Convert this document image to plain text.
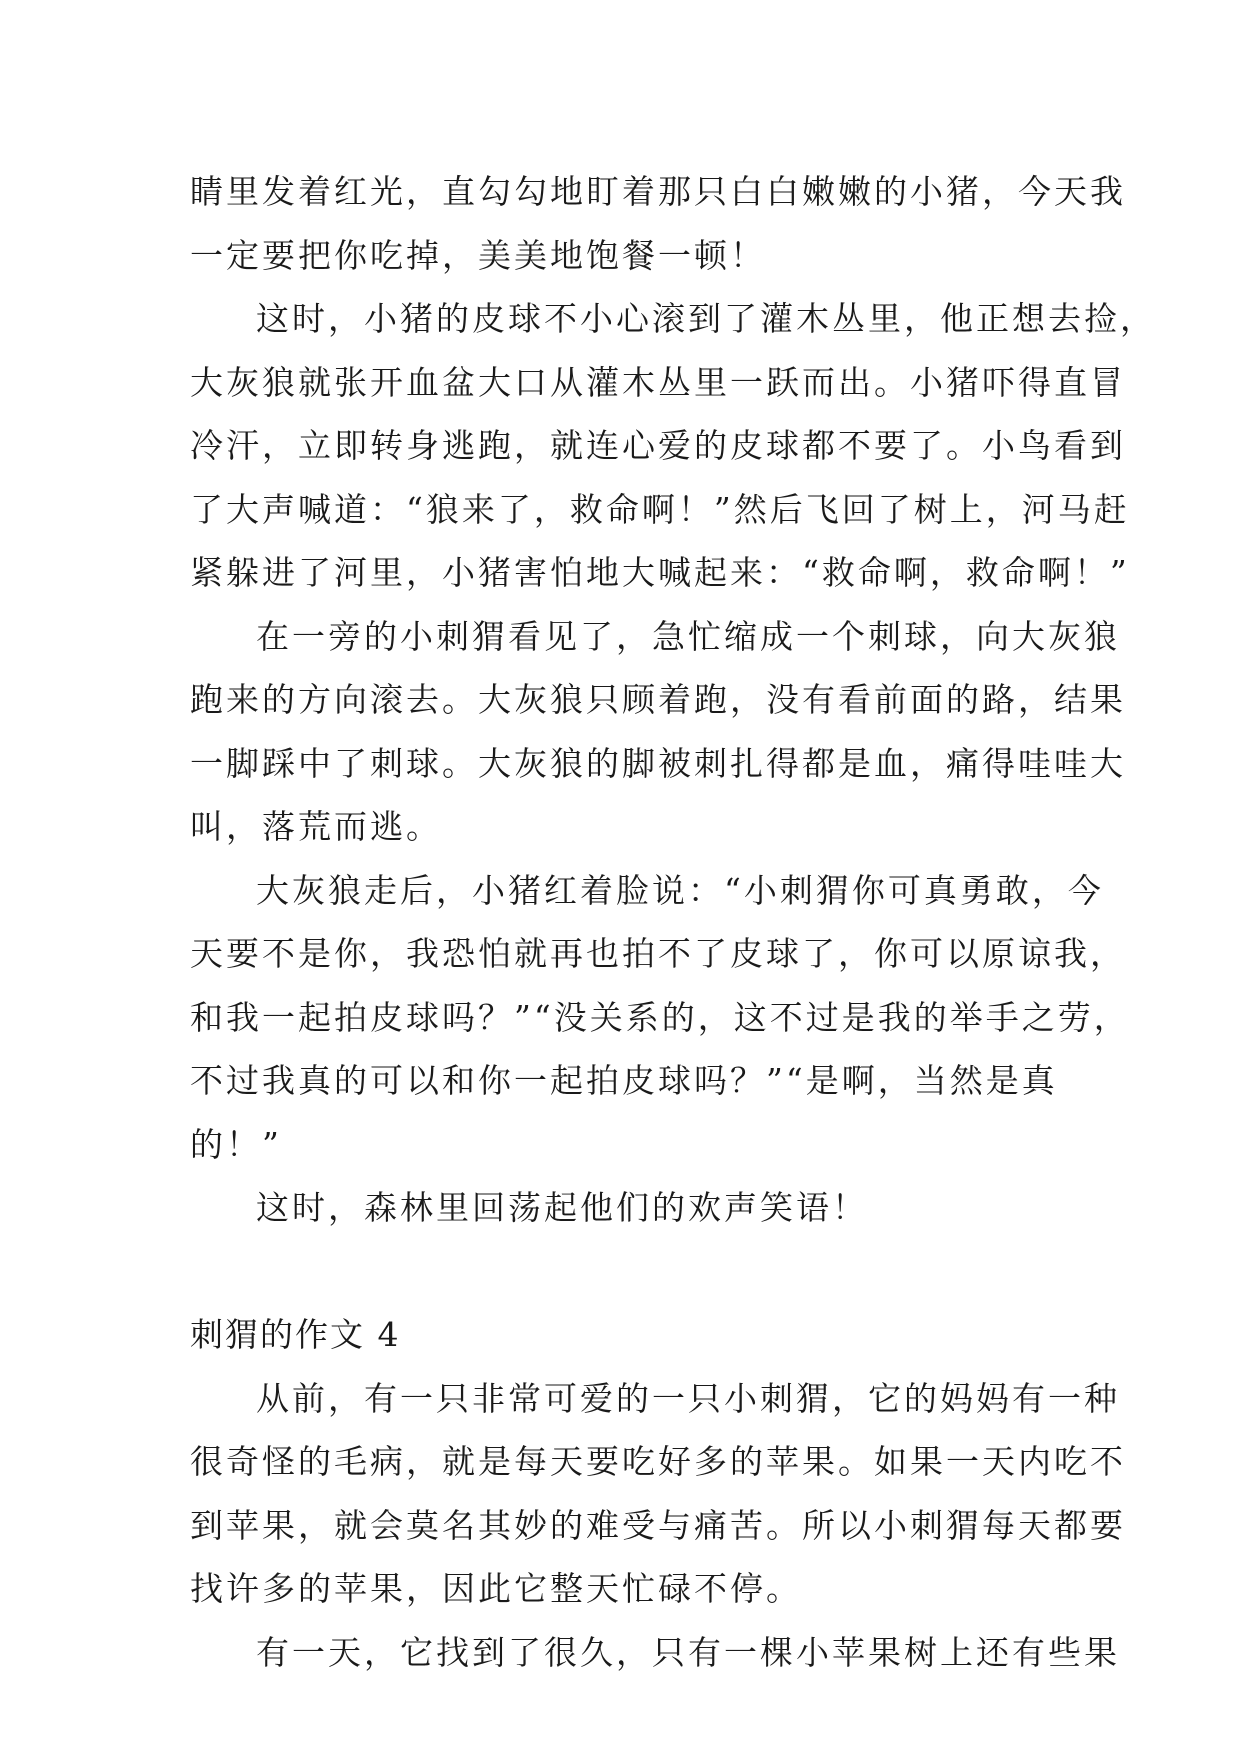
睛里发着红光，直勾勾地盯着那只白白嫩嫩的小猪，今天我
一定要把你吃掉，美美地饱餐一顿！
这时，小猪的皮球不小心滚到了灌木丛里，他正想去捡，
大灰狼就张开血盆大口从灌木丛里一跃而出。小猪吓得直冒
冷汗，立即转身逃跑，就连心爱的皮球都不要了。小鸟看到
了大声喊道：“狼来了，救命啊！”然后飞回了树上，河马赶
紧躲进了河里，小猪害怕地大喊起来：“救命啊，救命啊！”
在一旁的小刺猬看见了，急忙缩成一个刺球，向大灰狼
跑来的方向滚去。大灰狼只顾着跑，没有看前面的路，结果
一脚踩中了刺球。大灰狼的脚被刺扎得都是血，痛得哇哇大
叫，落荒而逃。
大灰狼走后，小猪红着脸说：“小刺猬你可真勇敢，今
天要不是你，我恐怕就再也拍不了皮球了，你可以原谅我，
和我一起拍皮球吗？”“没关系的，这不过是我的举手之劳，
不过我真的可以和你一起拍皮球吗？”“是啊，当然是真
的！”
这时，森林里回荡起他们的欢声笑语！
刺猬的作文 4
从前，有一只非常可爱的一只小刺猬，它的妈妈有一种
很奇怪的毛病，就是每天要吃好多的苹果。如果一天内吃不
到苹果，就会莫名其妙的难受与痛苦。所以小刺猬每天都要
找许多的苹果，因此它整天忙碌不停。
有一天，它找到了很久，只有一棵小苹果树上还有些果
